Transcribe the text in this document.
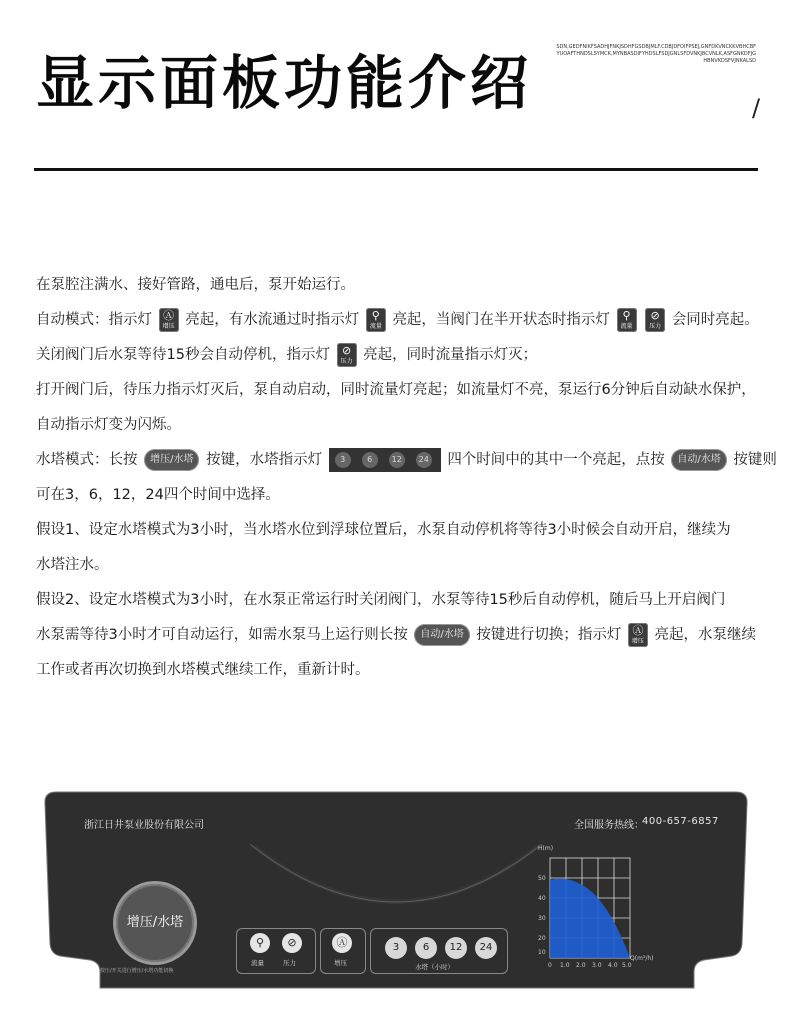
显示面板功能介绍
SDN,GEDFNIKFSADHJFNKJSDHFGSDBJMLF.CDBJDFOIFPSEJ,GNFDKVNCKKVBHCBFYUOAFTHNDSLSYMCK,MYNBASDIFYHDSLFSDJGNLSFDVNKJBCVNLK,ASFGNKDFJGHBNVKDSFVJNKALSD
/
在泵腔注满水、接好管路，通电后，泵开始运行。
自动模式：指示灯	Ⓐ
增压 亮起，有水流通过时指示灯	⚲
流量 亮起，当阀门在半开状态时指示灯	⚲
流量

⊘
压力 会同时亮起。
关闭阀门后水泵等待15秒会自动停机，指示灯	⊘
压力 亮起，同时流量指示灯灭；
打开阀门后，待压力指示灯灭后，泵自动启动，同时流量灯亮起；如流量灯不亮，泵运行6分钟后自动缺水保护，
自动指示灯变为闪烁。
水塔模式：长按 增压/水塔 按键，水塔指示灯	3	6	12	24 四个时间中的其中一个亮起，点按 自动/水塔 按键则
可在3，6，12，24四个时间中选择。
假设1、设定水塔模式为3小时，当水塔水位到浮球位置后，水泵自动停机将等待3小时候会自动开启，继续为
水塔注水。
假设2、设定水塔模式为3小时，在水泵正常运行时关闭阀门，水泵等待15秒后自动停机，随后马上开启阀门
水泵需等待3小时才可自动运行，如需水泵马上运行则长按 自动/水塔 按键进行切换；指示灯	Ⓐ
增压 亮起，水泵继续
工作或者再次切换到水塔模式继续工作，重新计时。
浙江日井泵业股份有限公司	全国服务热线：
400-657-6857
增压/水塔
按压/开关进行增压/水塔功能切换
⚲
流量
⊘
压力
Ⓐ
增压
3	6	12	24
水塔（小时）
H(m)
50
40
30
20
10
0 1.0 2.0 3.0 4.0 5.0
Q(m³/h)
